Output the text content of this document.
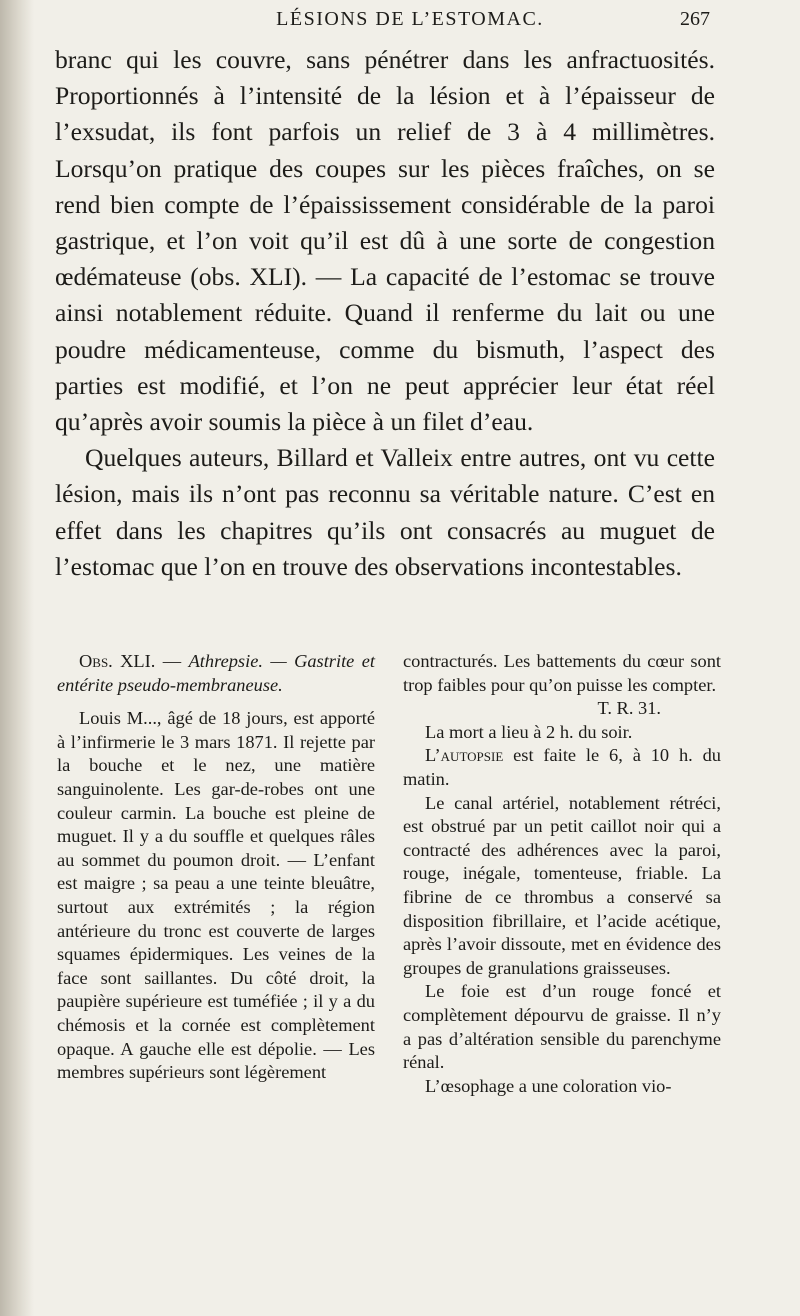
LÉSIONS DE L’ESTOMAC.	267

branc qui les couvre, sans pénétrer dans les anfractuosités. Proportionnés à l’intensité de la lésion et à l’épaisseur de l’exsudat, ils font parfois un relief de 3 à 4 millimètres. Lorsqu’on pratique des coupes sur les pièces fraîches, on se rend bien compte de l’épaississement considérable de la paroi gastrique, et l’on voit qu’il est dû à une sorte de congestion œdémateuse (obs. XLI). — La capacité de l’estomac se trouve ainsi notablement réduite. Quand il renferme du lait ou une poudre médicamenteuse, comme du bismuth, l’aspect des parties est modifié, et l’on ne peut apprécier leur état réel qu’après avoir soumis la pièce à un filet d’eau.

Quelques auteurs, Billard et Valleix entre autres, ont vu cette lésion, mais ils n’ont pas reconnu sa véritable nature. C’est en effet dans les chapitres qu’ils ont consacrés au muguet de l’estomac que l’on en trouve des observations incontestables.

Obs. XLI. — Athrepsie. — Gastrite et entérite pseudo-membraneuse.

Louis M..., âgé de 18 jours, est apporté à l’infirmerie le 3 mars 1871. Il rejette par la bouche et le nez, une matière sanguinolente. Les gar-de-robes ont une couleur carmin. La bouche est pleine de muguet. Il y a du souffle et quelques râles au sommet du poumon droit. — L’enfant est maigre ; sa peau a une teinte bleuâtre, surtout aux extrémités ; la région antérieure du tronc est couverte de larges squames épidermiques. Les veines de la face sont saillantes. Du côté droit, la paupière supérieure est tuméfiée ; il y a du chémosis et la cornée est complètement opaque. A gauche elle est dépolie. — Les membres supérieurs sont légèrement

contracturés. Les battements du cœur sont trop faibles pour qu’on puisse les compter.

T. R. 31.

La mort a lieu à 2 h. du soir.

L’autopsie est faite le 6, à 10 h. du matin.

Le canal artériel, notablement rétréci, est obstrué par un petit caillot noir qui a contracté des adhérences avec la paroi, rouge, inégale, tomenteuse, friable. La fibrine de ce thrombus a conservé sa disposition fibrillaire, et l’acide acétique, après l’avoir dissoute, met en évidence des groupes de granulations graisseuses.

Le foie est d’un rouge foncé et complètement dépourvu de graisse. Il n’y a pas d’altération sensible du parenchyme rénal.

L’œsophage a une coloration vio-
